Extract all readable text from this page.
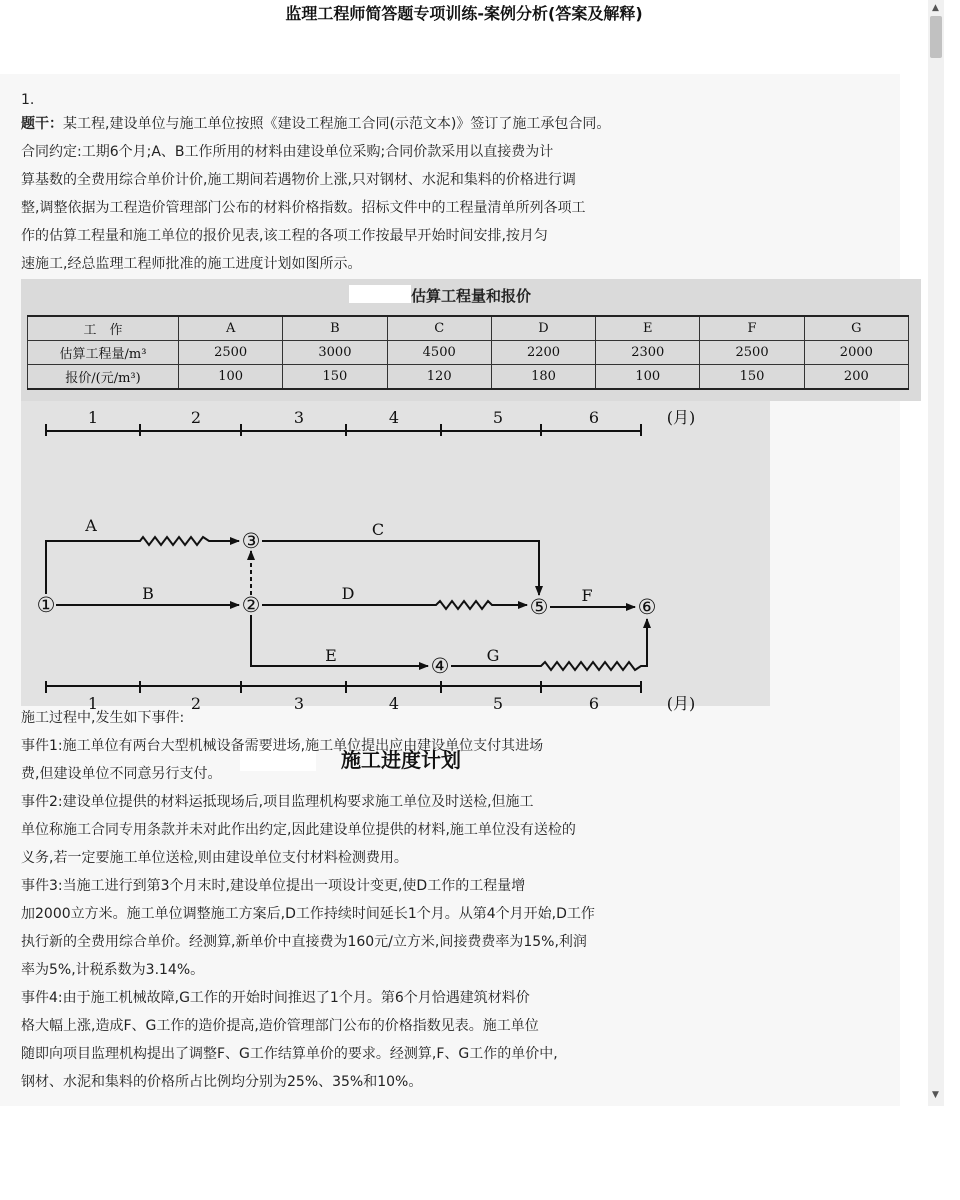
监理工程师简答题专项训练-案例分析(答案及解释)
1.

题干：某工程,建设单位与施工单位按照《建设工程施工合同(示范文本)》签订了施工承包合同。

合同约定:工期6个月;A、B工作所用的材料由建设单位采购;合同价款采用以直接费为计

算基数的全费用综合单价计价,施工期间若遇物价上涨,只对钢材、水泥和集料的价格进行调

整,调整依据为工程造价管理部门公布的材料价格指数。招标文件中的工程量清单所列各项工

作的估算工程量和施工单位的报价见表,该工程的各项工作按最早开始时间安排,按月匀

速施工,经总监理工程师批准的施工进度计划如图所示。

估算工程量和报价
工　作	A	B	C	D	E	F	G
估算工程量/m³	2500	3000	4500	2200	2300	2500	2000
报价/(元/m³)	100	150	120	180	100	150	200
1	2	3	4	5	6	(月)
1	2	3	4	5	6	(月)
①	②
③
④
⑤	⑥
A
B
C
D
E
F
G
施工进度计划

施工过程中,发生如下事件:

事件1:施工单位有两台大型机械设备需要进场,施工单位提出应由建设单位支付其进场

费,但建设单位不同意另行支付。

事件2:建设单位提供的材料运抵现场后,项目监理机构要求施工单位及时送检,但施工

单位称施工合同专用条款并未对此作出约定,因此建设单位提供的材料,施工单位没有送检的

义务,若一定要施工单位送检,则由建设单位支付材料检测费用。

事件3:当施工进行到第3个月末时,建设单位提出一项设计变更,使D工作的工程量增

加2000立方米。施工单位调整施工方案后,D工作持续时间延长1个月。从第4个月开始,D工作

执行新的全费用综合单价。经测算,新单价中直接费为160元/立方米,间接费费率为15%,利润

率为5%,计税系数为3.14%。

事件4:由于施工机械故障,G工作的开始时间推迟了1个月。第6个月恰遇建筑材料价

格大幅上涨,造成F、G工作的造价提高,造价管理部门公布的价格指数见表。施工单位

随即向项目监理机构提出了调整F、G工作结算单价的要求。经测算,F、G工作的单价中,

钢材、水泥和集料的价格所占比例均分别为25%、35%和10%。

▲
▼
